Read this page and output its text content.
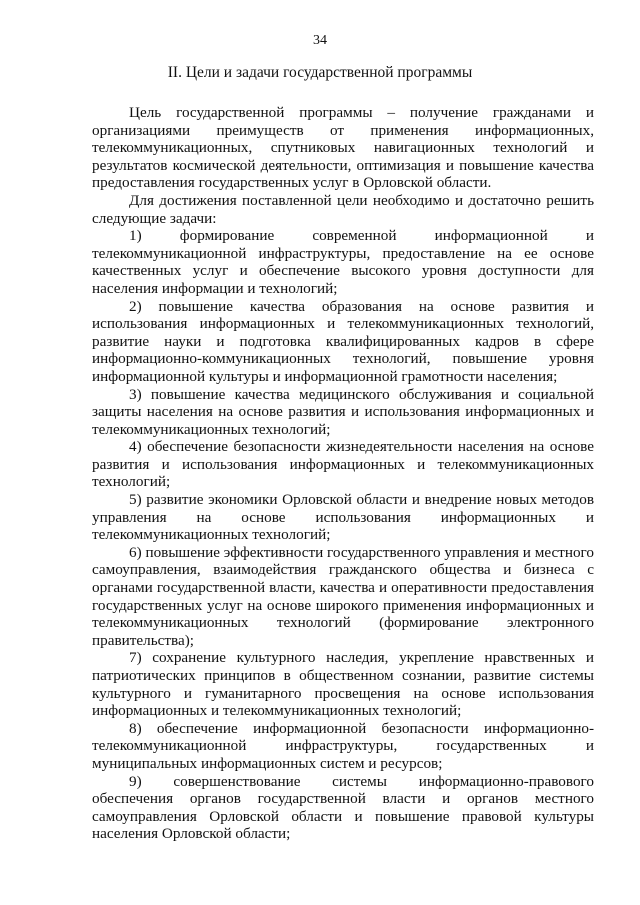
34
II. Цели и задачи государственной программы

Цель государственной программы – получение гражданами и организациями преимуществ от применения информационных, телекоммуникационных, спутниковых навигационных технологий и результатов космической деятельности, оптимизация и повышение качества предоставления государственных услуг в Орловской области.

Для достижения поставленной цели необходимо и достаточно решить следующие задачи:

1) формирование современной информационной и телекоммуникационной инфраструктуры, предоставление на ее основе качественных услуг и обеспечение высокого уровня доступности для населения информации и технологий;

2) повышение качества образования на основе развития и использования информационных и телекоммуникационных технологий, развитие науки и подготовка квалифицированных кадров в сфере информационно-коммуникационных технологий, повышение уровня информационной культуры и информационной грамотности населения;

3) повышение качества медицинского обслуживания и социальной защиты населения на основе развития и использования информационных и телекоммуникационных технологий;

4) обеспечение безопасности жизнедеятельности населения на основе развития и использования информационных и телекоммуникационных технологий;

5) развитие экономики Орловской области и внедрение новых методов управления на основе использования информационных и телекоммуникационных технологий;

6) повышение эффективности государственного управления и местного самоуправления, взаимодействия гражданского общества и бизнеса с органами государственной власти, качества и оперативности предоставления государственных услуг на основе широкого применения информационных и телекоммуникационных технологий (формирование электронного правительства);

7) сохранение культурного наследия, укрепление нравственных и патриотических принципов в общественном сознании, развитие системы культурного и гуманитарного просвещения на основе использования информационных и телекоммуникационных технологий;

8) обеспечение информационной безопасности информационно-телекоммуникационной инфраструктуры, государственных и муниципальных информационных систем и ресурсов;

9) совершенствование системы информационно-правового обеспечения органов государственной власти и органов местного самоуправления Орловской области и повышение правовой культуры населения Орловской области;
